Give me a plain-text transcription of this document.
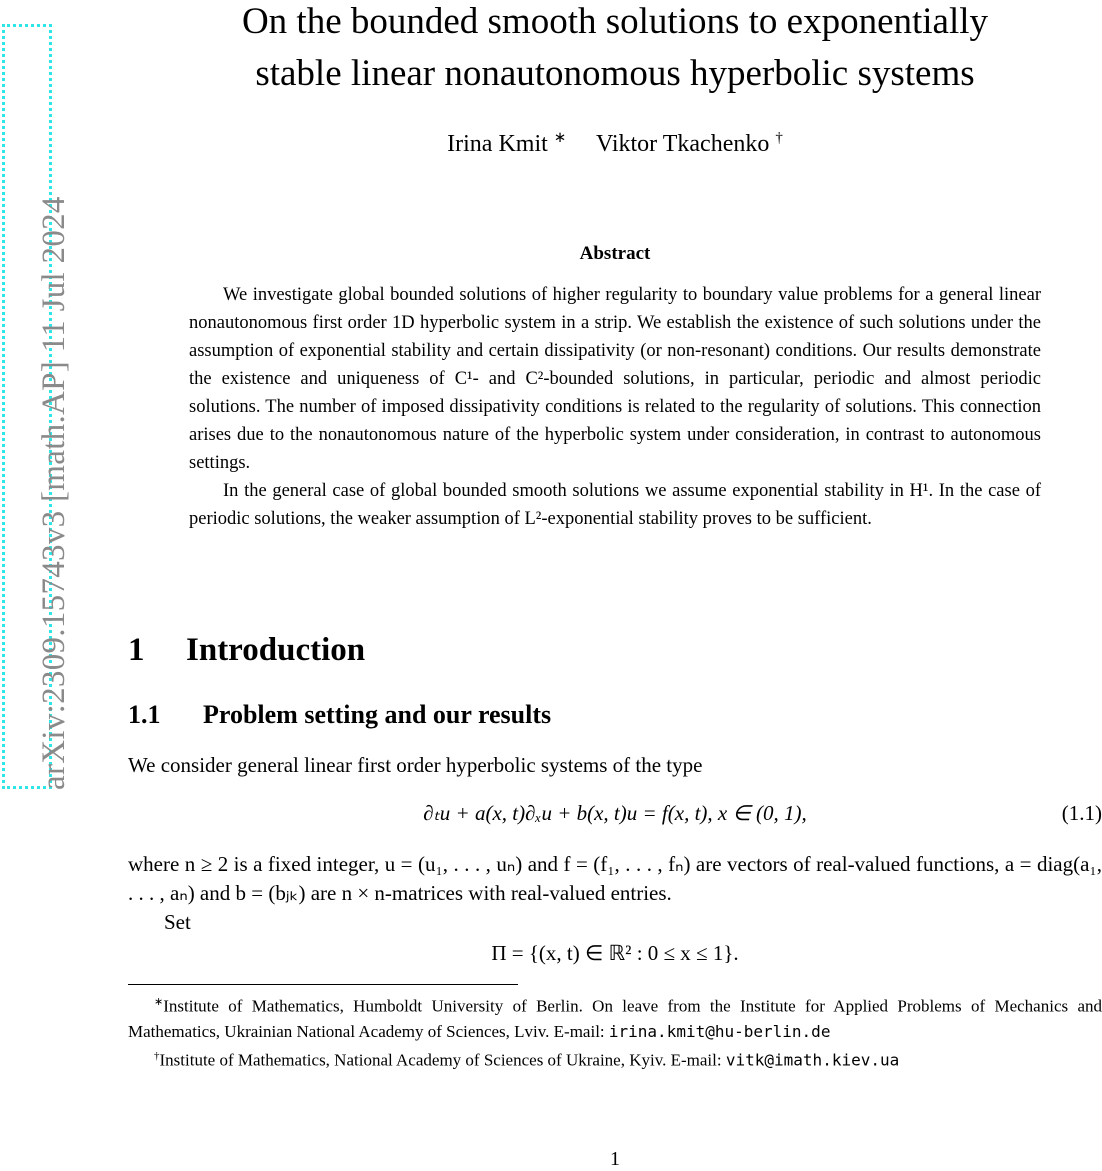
arXiv:2309.15743v3 [math.AP] 11 Jul 2024
On the bounded smooth solutions to exponentially
stable linear nonautonomous hyperbolic systems
Irina Kmit ∗ Viktor Tkachenko †
Abstract

We investigate global bounded solutions of higher regularity to boundary value problems for a general linear nonautonomous first order 1D hyperbolic system in a strip. We establish the existence of such solutions under the assumption of exponential stability and certain dissipativity (or non-resonant) conditions. Our results demonstrate the existence and uniqueness of C¹- and C²-bounded solutions, in particular, periodic and almost periodic solutions. The number of imposed dissipativity conditions is related to the regularity of solutions. This connection arises due to the nonautonomous nature of the hyperbolic system under consideration, in contrast to autonomous settings.

In the general case of global bounded smooth solutions we assume exponential stability in H¹. In the case of periodic solutions, the weaker assumption of L²-exponential stability proves to be sufficient.

1 Introduction
1.1 Problem setting and our results

We consider general linear first order hyperbolic systems of the type

∂ₜu + a(x, t)∂ₓu + b(x, t)u = f(x, t), x ∈ (0, 1),	(1.1)

where n ≥ 2 is a fixed integer, u = (u₁, . . . , uₙ) and f = (f₁, . . . , fₙ) are vectors of real-valued functions, a = diag(a₁, . . . , aₙ) and b = (bⱼₖ) are n × n-matrices with real-valued entries.

Set

Π = {(x, t) ∈ ℝ² : 0 ≤ x ≤ 1}.

∗Institute of Mathematics, Humboldt University of Berlin. On leave from the Institute for Applied Problems of Mechanics and Mathematics, Ukrainian National Academy of Sciences, Lviv. E-mail: irina.kmit@hu-berlin.de

†Institute of Mathematics, National Academy of Sciences of Ukraine, Kyiv. E-mail: vitk@imath.kiev.ua

1
